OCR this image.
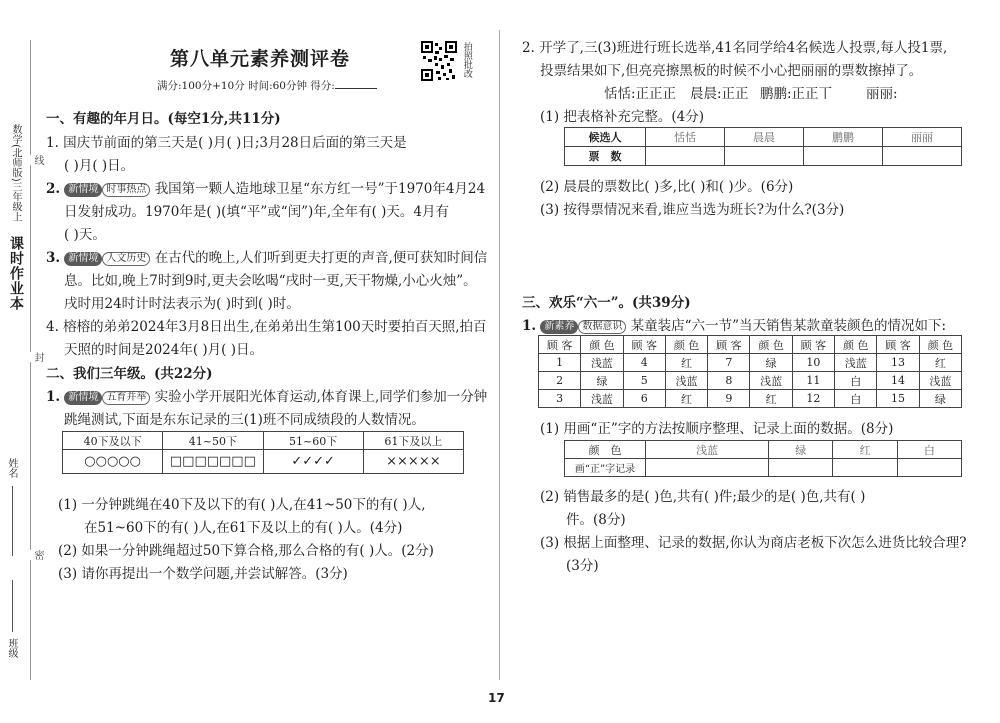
数学(北师版)三年级上
课时作业本
线
封
密
姓名
班级
第八单元素养测评卷
满分:100分+10分 时间:60分钟 得分:
拍照批改
一、有趣的年月日。(每空1分,共11分)
1. 国庆节前面的第三天是( )月( )日;3月28日后面的第三天是
( )月( )日。
2. 新情境 时事热点 我国第一颗人造地球卫星“东方红一号”于1970年4月24
日发射成功。1970年是( )(填“平”或“闰”)年,全年有( )天。4月有
( )天。
3. 新情境 人文历史 在古代的晚上,人们听到更夫打更的声音,便可获知时间信
息。比如,晚上7时到9时,更夫会吆喝“戌时一更,天干物燥,小心火烛”。
戌时用24时计时法表示为( )时到( )时。
4. 榕榕的弟弟2024年3月8日出生,在弟弟出生第100天时要拍百天照,拍百
天照的时间是2024年( )月( )日。
二、我们三年级。(共22分)
1. 新情境 五育并举 实验小学开展阳光体育运动,体育课上,同学们参加一分钟
跳绳测试,下面是东东记录的三(1)班不同成绩段的人数情况。
40下及以下	41~50下	51~60下	61下及以上
○○○○○	□□□□□□□	✓✓✓✓	×××××
(1) 一分钟跳绳在40下及以下的有( )人,在41~50下的有( )人,
在51~60下的有( )人,在61下及以上的有( )人。(4分)
(2) 如果一分钟跳绳超过50下算合格,那么合格的有( )人。(2分)
(3) 请你再提出一个数学问题,并尝试解答。(3分)
2. 开学了,三(3)班进行班长选举,41名同学给4名候选人投票,每人投1票,
投票结果如下,但亮亮擦黑板的时候不小心把丽丽的票数擦掉了。
恬恬:正正正 晨晨:正正 鹏鹏:正正丅	丽丽:
(1) 把表格补充完整。(4分)
候选人	恬恬	晨晨	鹏鹏	丽丽
票　数				
(2) 晨晨的票数比( )多,比( )和( )少。(6分)
(3) 按得票情况来看,谁应当选为班长?为什么?(3分)
三、欢乐“六一”。(共39分)
1. 新素养 数据意识 某童装店“六一节”当天销售某款童装颜色的情况如下:
顾 客	颜 色	顾 客	颜 色	顾 客	颜 色	顾 客	颜 色	顾 客	颜 色
1	浅蓝	4	红	7	绿	10	浅蓝	13	红
2	绿	5	浅蓝	8	浅蓝	11	白	14	浅蓝
3	浅蓝	6	红	9	红	12	白	15	绿
(1) 用画“正”字的方法按顺序整理、记录上面的数据。(8分)
颜　色	浅蓝	绿	红	白
画“正”字记录				
(2) 销售最多的是( )色,共有( )件;最少的是( )色,共有( )
件。(8分)
(3) 根据上面整理、记录的数据,你认为商店老板下次怎么进货比较合理?
(3分)
17
